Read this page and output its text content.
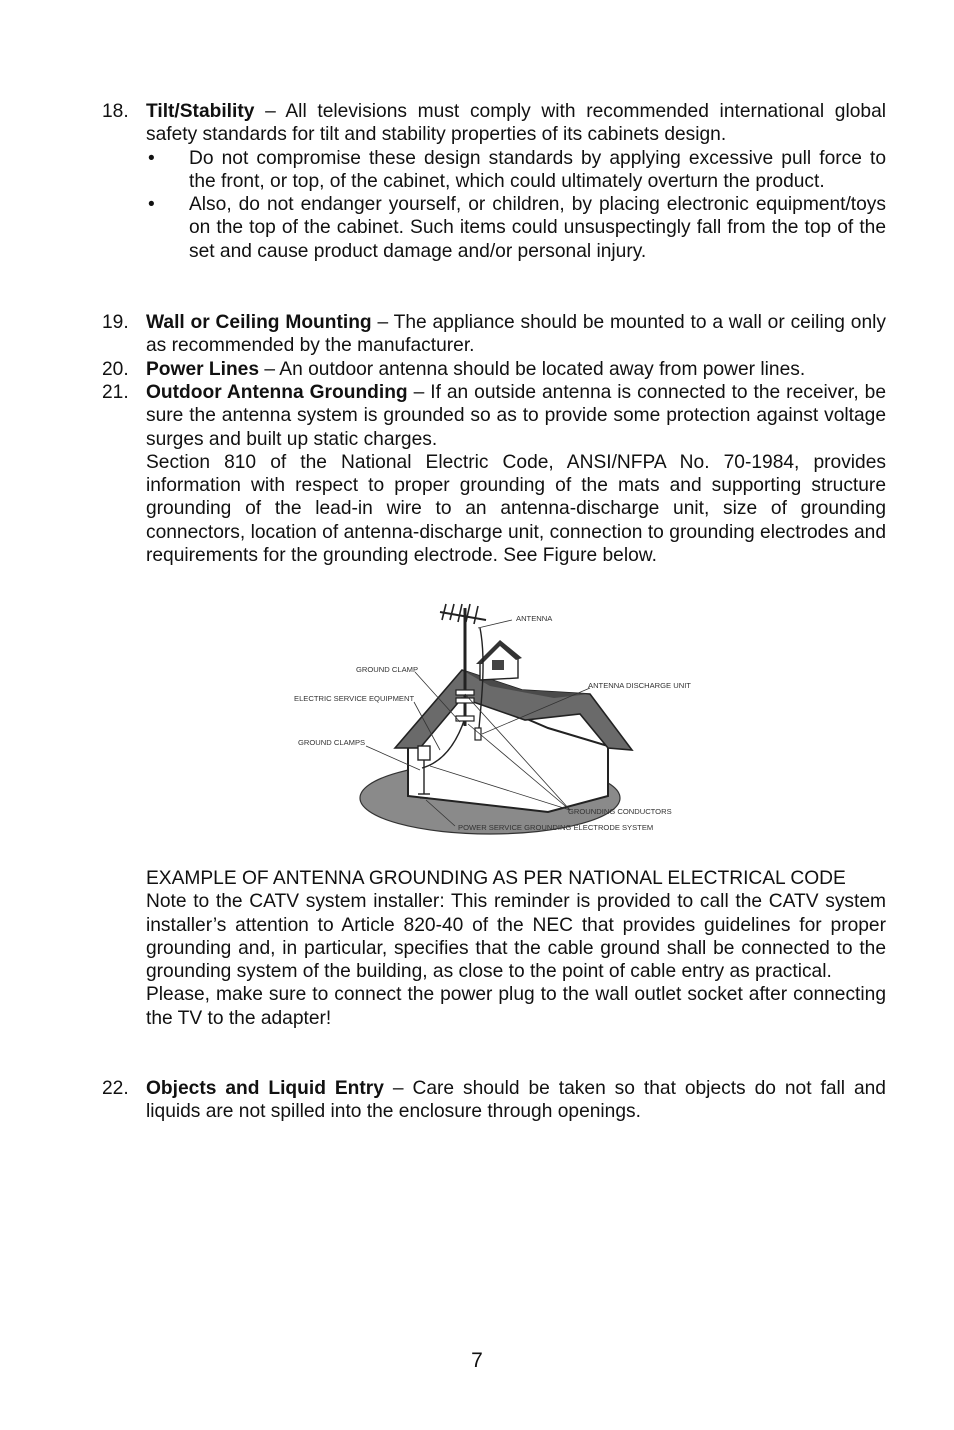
18. Tilt/Stability – All televisions must comply with recommended international global safety standards for tilt and stability properties of its cabinets design.
• Do not compromise these design standards by applying excessive pull force to the front, or top, of the cabinet, which could ultimately overturn the product.
• Also, do not endanger yourself, or children, by placing electronic equipment/toys on the top of the cabinet. Such items could unsuspectingly fall from the top of the set and cause product damage and/or personal injury.
19. Wall or Ceiling Mounting – The appliance should be mounted to a wall or ceiling only as recommended by the manufacturer.
20. Power Lines – An outdoor antenna should be located away from power lines.
21. Outdoor Antenna Grounding – If an outside antenna is connected to the receiver, be sure the antenna system is grounded so as to provide some protection against voltage surges and built up static charges.
Section 810 of the National Electric Code, ANSI/NFPA No. 70-1984, provides information with respect to proper grounding of the mats and supporting structure grounding of the lead-in wire to an antenna-discharge unit, size of grounding connectors, location of antenna-discharge unit, connection to grounding electrodes and requirements for the grounding electrode. See Figure below.
ANTENNA
GROUND CLAMP
ELECTRIC SERVICE EQUIPMENT
ANTENNA DISCHARGE UNIT
GROUND CLAMPS
GROUNDING CONDUCTORS
POWER SERVICE GROUNDING ELECTRODE SYSTEM
EXAMPLE OF ANTENNA GROUNDING AS PER NATIONAL ELECTRICAL CODE
Note to the CATV system installer: This reminder is provided to call the CATV system installer’s attention to Article 820-40 of the NEC that provides guidelines for proper grounding and, in particular, specifies that the cable ground shall be connected to the grounding system of the building, as close to the point of cable entry as practical.
Please, make sure to connect the power plug to the wall outlet socket after connecting the TV to the adapter!
22. Objects and Liquid Entry – Care should be taken so that objects do not fall and liquids are not spilled into the enclosure through openings.
7
